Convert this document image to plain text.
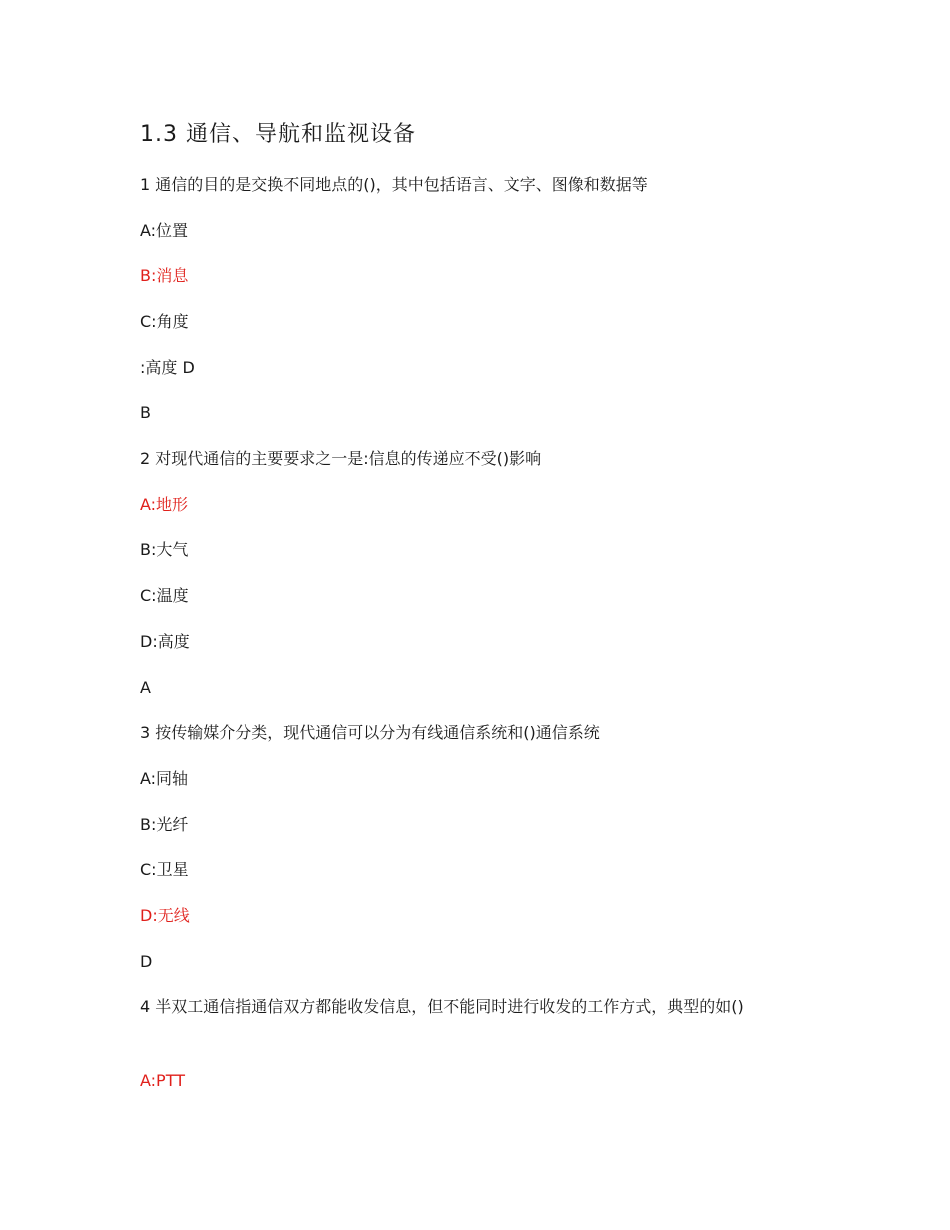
1.3 通信、导航和监视设备
1 通信的目的是交换不同地点的()，其中包括语言、文字、图像和数据等
A:位置
B:消息
C:角度
:高度 D
B
2 对现代通信的主要要求之一是:信息的传递应不受()影响
A:地形
B:大气
C:温度
D:高度
A
3 按传输媒介分类，现代通信可以分为有线通信系统和()通信系统
A:同轴
B:光纤
C:卫星
D:无线
D
4 半双工通信指通信双方都能收发信息，但不能同时进行收发的工作方式，典型的如()
A:PTT
